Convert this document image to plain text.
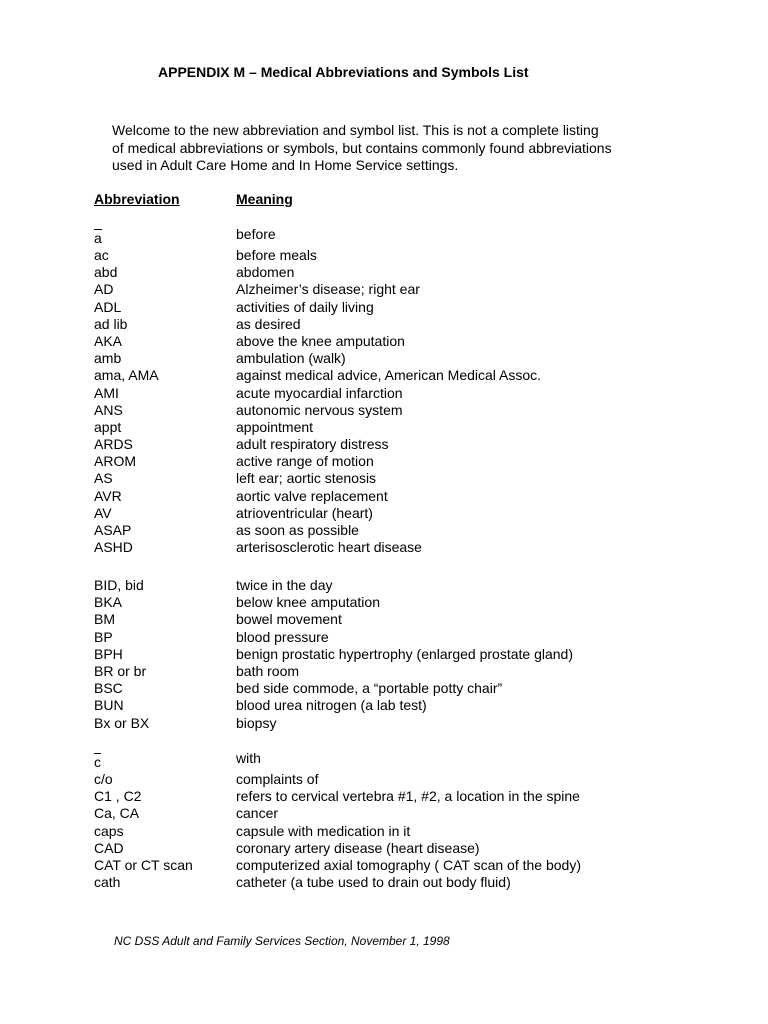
APPENDIX M – Medical Abbreviations and Symbols List
Welcome to the new abbreviation and symbol list. This is not a complete listing
of medical abbreviations or symbols, but contains commonly found abbreviations
used in Adult Care Home and In Home Service settings.
Abbreviation	Meaning
a	before
ac	before meals
abd	abdomen
AD	Alzheimer’s disease; right ear
ADL	activities of daily living
ad lib	as desired
AKA	above the knee amputation
amb	ambulation (walk)
ama, AMA	against medical advice, American Medical Assoc.
AMI	acute myocardial infarction
ANS	autonomic nervous system
appt	appointment
ARDS	adult respiratory distress
AROM	active range of motion
AS	left ear; aortic stenosis
AVR	aortic valve replacement
AV	atrioventricular (heart)
ASAP	as soon as possible
ASHD	arterisosclerotic heart disease
BID, bid	twice in the day
BKA	below knee amputation
BM	bowel movement
BP	blood pressure
BPH	benign prostatic hypertrophy (enlarged prostate gland)
BR or br	bath room
BSC	bed side commode, a “portable potty chair”
BUN	blood urea nitrogen (a lab test)
Bx or BX	biopsy
c	with
c/o	complaints of
C1 , C2	refers to cervical vertebra #1, #2, a location in the spine
Ca, CA	cancer
caps	capsule with medication in it
CAD	coronary artery disease (heart disease)
CAT or CT scan	computerized axial tomography ( CAT scan of the body)
cath	catheter (a tube used to drain out body fluid)
NC DSS Adult and Family Services Section, November 1, 1998
